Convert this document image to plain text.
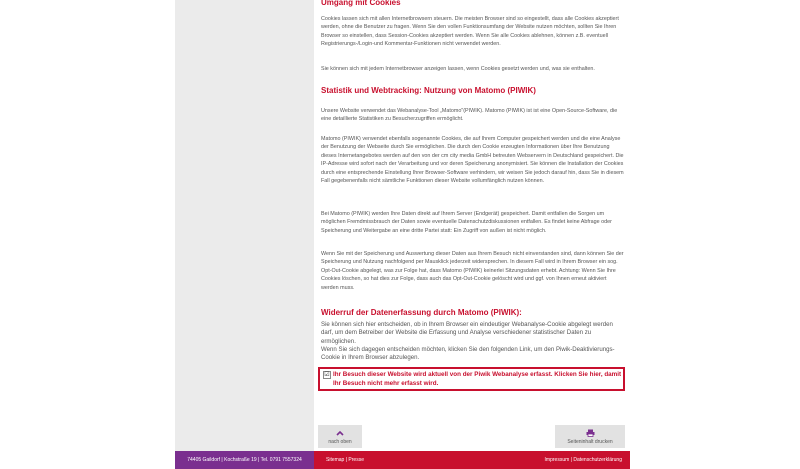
Umgang mit Cookies

Cookies lassen sich mit allen Internetbrowsern steuern. Die meisten Browser sind so eingestellt, dass alle Cookies akzeptiert werden, ohne die Benutzer zu fragen. Wenn Sie den vollen Funktionsumfang der Website nutzen möchten, sollten Sie Ihren Browser so einstellen, dass Session-Cookies akzeptiert werden. Wenn Sie alle Cookies ablehnen, können z.B. eventuell Registrierungs-/Login-und Kommentar-Funktionen nicht verwendet werden.

Sie können sich mit jedem Internetbrowser anzeigen lassen, wenn Cookies gesetzt werden und, was sie enthalten.

Statistik und Webtracking: Nutzung von Matomo (PIWIK)

Unsere Website verwendet das Webanalyse-Tool „Matomo"(PIWIK). Matomo (PIWIK) ist ist eine Open-Source-Software, die eine detaillierte Statistiken zu Besucherzugriffen ermöglicht.

Matomo (PIWIK) verwendet ebenfalls sogenannte Cookies, die auf Ihrem Computer gespeichert werden und die eine Analyse der Benutzung der Webseite durch Sie ermöglichen. Die durch den Cookie erzeugten Informationen über Ihre Benutzung dieses Internetangebotes werden auf den von der cm city media GmbH betreuten Webservern in Deutschland gespeichert. Die IP-Adresse wird sofort nach der Verarbeitung und vor deren Speicherung anonymisiert. Sie können die Installation der Cookies durch eine entsprechende Einstellung Ihrer Browser-Software verhindern, wir weisen Sie jedoch darauf hin, dass Sie in diesem Fall gegebenenfalls nicht sämtliche Funktionen dieser Website vollumfänglich nutzen können.

Bei Matomo (PIWIK) werden Ihre Daten direkt auf Ihrem Server (Endgerät) gespeichert. Damit entfallen die Sorgen um möglichen Fremdmissbrauch der Daten sowie eventuelle Datenschutzdiskussionen entfallen. Es findet keine Abfrage oder Speicherung und Weitergabe an eine dritte Partei statt: Ein Zugriff von außen ist nicht möglich.

Wenn Sie mit der Speicherung und Auswertung dieser Daten aus Ihrem Besuch nicht einverstanden sind, dann können Sie der Speicherung und Nutzung nachfolgend per Mausklick jederzeit widersprechen. In diesem Fall wird in Ihrem Browser ein sog. Opt-Out-Cookie abgelegt, was zur Folge hat, dass Matomo (PIWIK) keinerlei Sitzungsdaten erhebt. Achtung: Wenn Sie Ihre Cookies löschen, so hat dies zur Folge, dass auch das Opt-Out-Cookie gelöscht wird und ggf. von Ihnen erneut aktiviert werden muss.

Widerruf der Datenerfassung durch Matomo (PIWIK):

Sie können sich hier entscheiden, ob in Ihrem Browser ein eindeutiger Webanalyse-Cookie abgelegt werden darf, um dem Betreiber der Website die Erfassung und Analyse verschiedener statistischer Daten zu ermöglichen.

Wenn Sie sich dagegen entscheiden möchten, klicken Sie den folgenden Link, um den Piwik-Deaktivierungs-Cookie in Ihrem Browser abzulegen.

☑ Ihr Besuch dieser Website wird aktuell von der Piwik Webanalyse erfasst. Klicken Sie hier, damit Ihr Besuch nicht mehr erfasst wird.
nach oben	Seiteninhalt drucken
74405 Gaildorf | Kochstraße 19 | Tel. 0791 7557324	Sitemap | Presse	Impressum | Datenschutzerklärung
